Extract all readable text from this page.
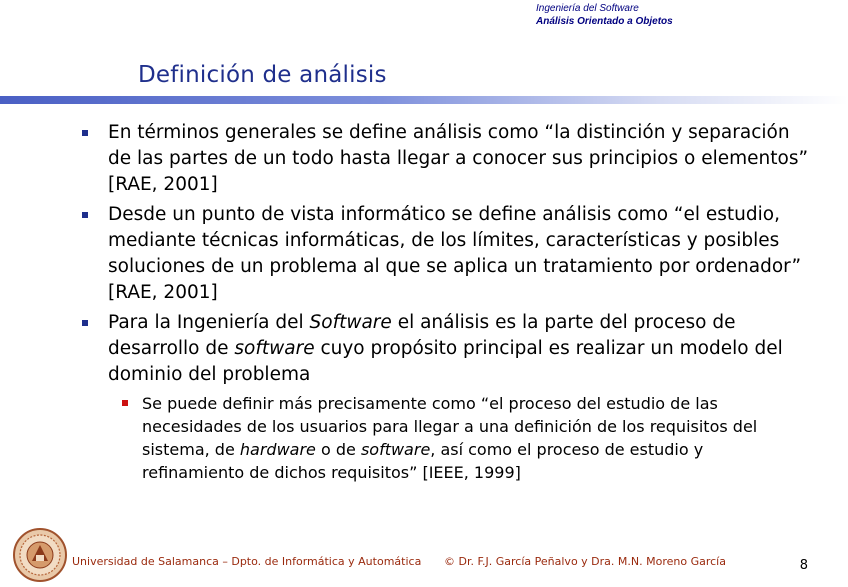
Ingeniería del Software
Análisis Orientado a Objetos
Definición de análisis
En términos generales se define análisis como “la distinción y separación de las partes de un todo hasta llegar a conocer sus principios o elementos” [RAE, 2001]
Desde un punto de vista informático se define análisis como “el estudio, mediante técnicas informáticas, de los límites, características y posibles soluciones de un problema al que se aplica un tratamiento por ordenador” [RAE, 2001]
Para la Ingeniería del Software el análisis es la parte del proceso de desarrollo de software cuyo propósito principal es realizar un modelo del dominio del problema
Se puede definir más precisamente como “el proceso del estudio de las necesidades de los usuarios para llegar a una definición de los requisitos del sistema, de hardware o de software, así como el proceso de estudio y refinamiento de dichos requisitos” [IEEE, 1999]
Universidad de Salamanca – Dpto. de Informática y Automática © Dr. F.J. García Peñalvo y Dra. M.N. Moreno García	8
